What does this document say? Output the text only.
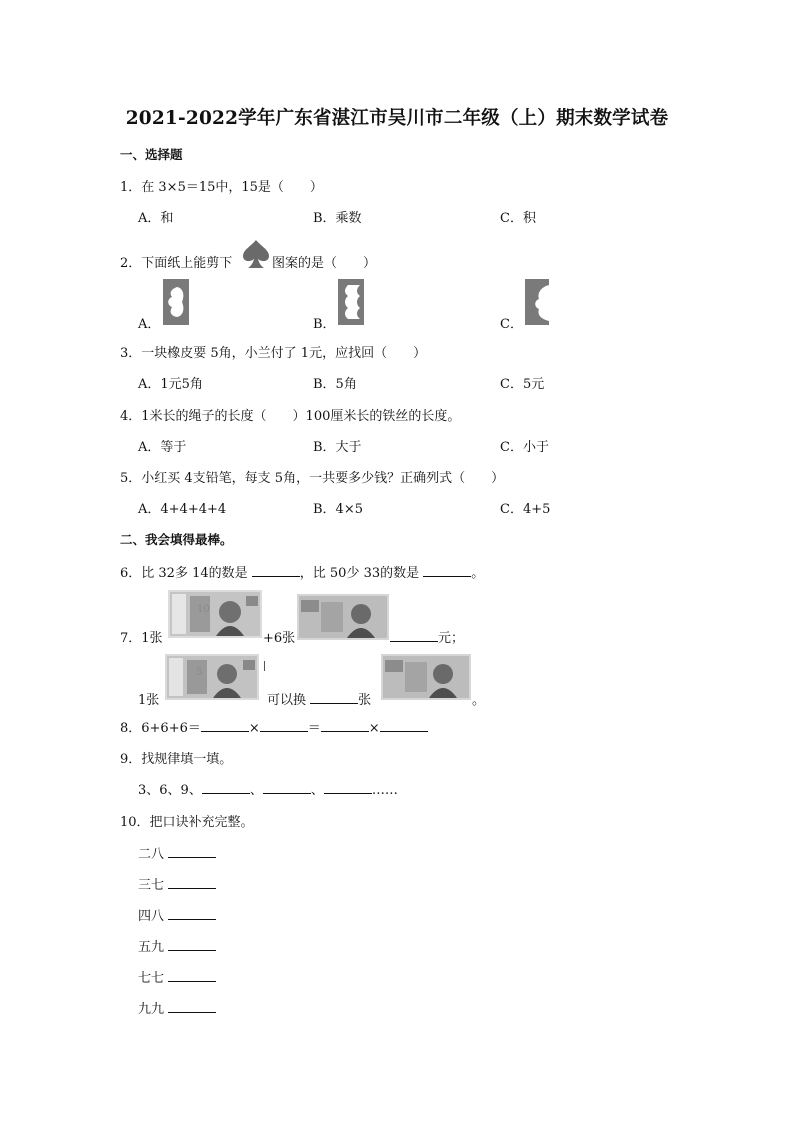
2021-2022学年广东省湛江市吴川市二年级（上）期末数学试卷
一、选择题
1．在 3×5＝15中，15是（　　）
A．和	B．乘数	C．积
2．下面纸上能剪下	图案的是（　　）
A．	B．	C．
3．一块橡皮要 5角，小兰付了 1元，应找回（　　）
A．1元5角	B．5角	C．5元
4．1米长的绳子的长度（　　）100厘米长的铁丝的长度。
A．等于	B．大于	C．小于
5．小红买 4支铅笔，每支 5角，一共要多少钱？正确列式（　　）
A．4+4+4+4	B．4×5	C．4+5
二、我会填得最棒。
6．比 32多 14的数是	，比 50少 33的数是	。
7．1张
10
+6张	元；
1张
5
可以换	张	。
8．6+6+6＝	×	＝	×
9．找规律填一填。
3、6、9、	、	、	……
10．把口诀补充完整。
二八
三七
四八
五九
七七
九九
